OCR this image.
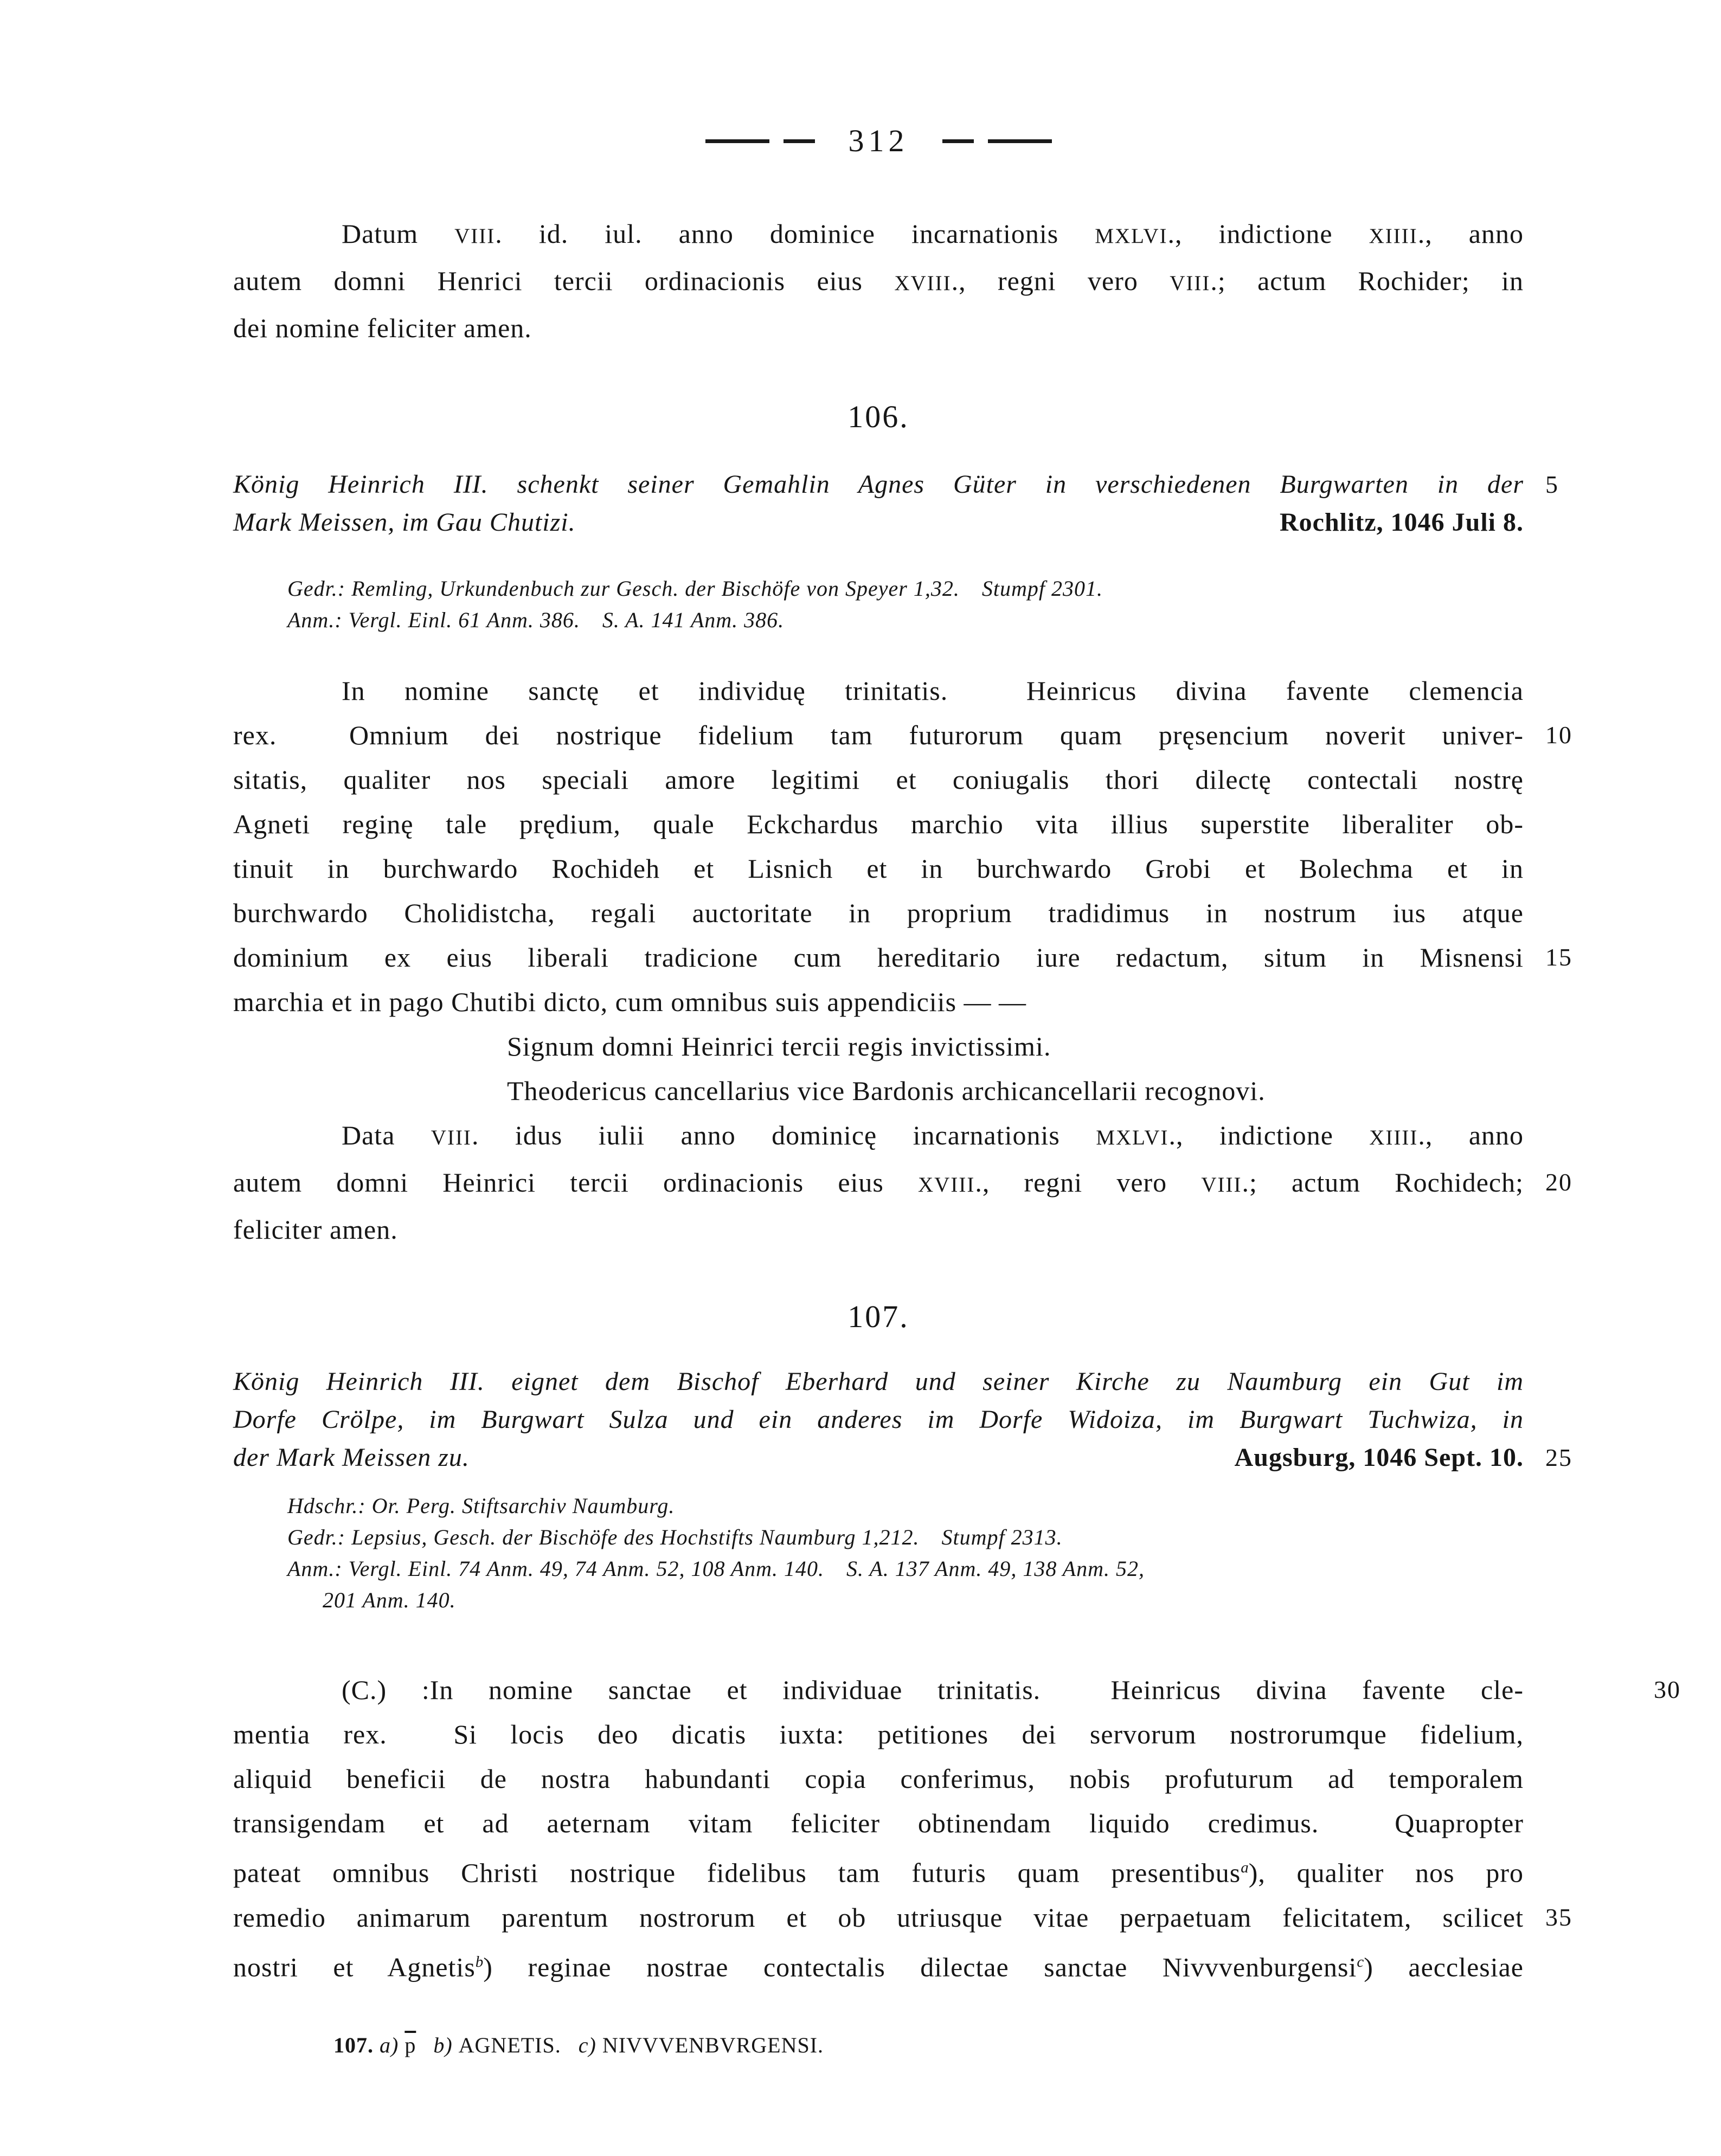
312
Datum VIII. id. iul. anno dominice incarnationis MXLVI., indictione XIIII., anno
autem domni Henrici tercii ordinacionis eius XVIII., regni vero VIII.; actum Rochider; in
dei nomine feliciter amen.
106.
König Heinrich III. schenkt seiner Gemahlin Agnes Güter in verschiedenen Burgwarten in der 5
Mark Meissen, im Gau Chutizi.	Rochlitz, 1046 Juli 8.
Gedr.: Remling, Urkundenbuch zur Gesch. der Bischöfe von Speyer 1,32. Stumpf 2301.
Anm.: Vergl. Einl. 61 Anm. 386. S. A. 141 Anm. 386.
In nomine sanctę et individuę trinitatis.  Heinricus divina favente clemencia
rex.  Omnium dei nostrique fidelium tam futurorum quam pręsencium noverit univer- 10
sitatis, qualiter nos speciali amore legitimi et coniugalis thori dilectę contectali nostrę
Agneti reginę tale prędium, quale Eckchardus marchio vita illius superstite liberaliter ob-
tinuit in burchwardo Rochideh et Lisnich et in burchwardo Grobi et Bolechma et in
burchwardo Cholidistcha, regali auctoritate in proprium tradidimus in nostrum ius atque
dominium ex eius liberali tradicione cum hereditario iure redactum, situm in Misnensi 15
marchia et in pago Chutibi dicto, cum omnibus suis appendiciis — —
Signum domni Heinrici tercii regis invictissimi.
Theodericus cancellarius vice Bardonis archicancellarii recognovi.
Data VIII. idus iulii anno dominicę incarnationis MXLVI., indictione XIIII., anno
autem domni Heinrici tercii ordinacionis eius XVIII., regni vero VIII.; actum Rochidech; 20
feliciter amen.
107.
König Heinrich III. eignet dem Bischof Eberhard und seiner Kirche zu Naumburg ein Gut im
Dorfe Crölpe, im Burgwart Sulza und ein anderes im Dorfe Widoiza, im Burgwart Tuchwiza, in
der Mark Meissen zu.	Augsburg, 1046 Sept. 10. 25
Hdschr.: Or. Perg. Stiftsarchiv Naumburg.
Gedr.: Lepsius, Gesch. der Bischöfe des Hochstifts Naumburg 1,212. Stumpf 2313.
Anm.: Vergl. Einl. 74 Anm. 49, 74 Anm. 52, 108 Anm. 140. S. A. 137 Anm. 49, 138 Anm. 52,
201 Anm. 140.
(C.) :In nomine sanctae et individuae trinitatis.  Heinricus divina favente cle-	30
mentia rex.  Si locis deo dicatis iuxta: petitiones dei servorum nostrorumque fidelium,
aliquid beneficii de nostra habundanti copia conferimus, nobis profuturum ad temporalem
transigendam et ad aeternam vitam feliciter obtinendam liquido credimus.  Quapropter
pateat omnibus Christi nostrique fidelibus tam futuris quam presentibus$^a$), qualiter nos pro
remedio animarum parentum nostrorum et ob utriusque vitae perpaetuam felicitatem, scilicet 35
nostri et Agnetis$^b$) reginae nostrae contectalis dilectae sanctae Nivvvenburgensi$^c$) aecclesiae
107. a) $\overline{p}$  b) AGNETIS.  c) NIVVVENBVRGENSI.
